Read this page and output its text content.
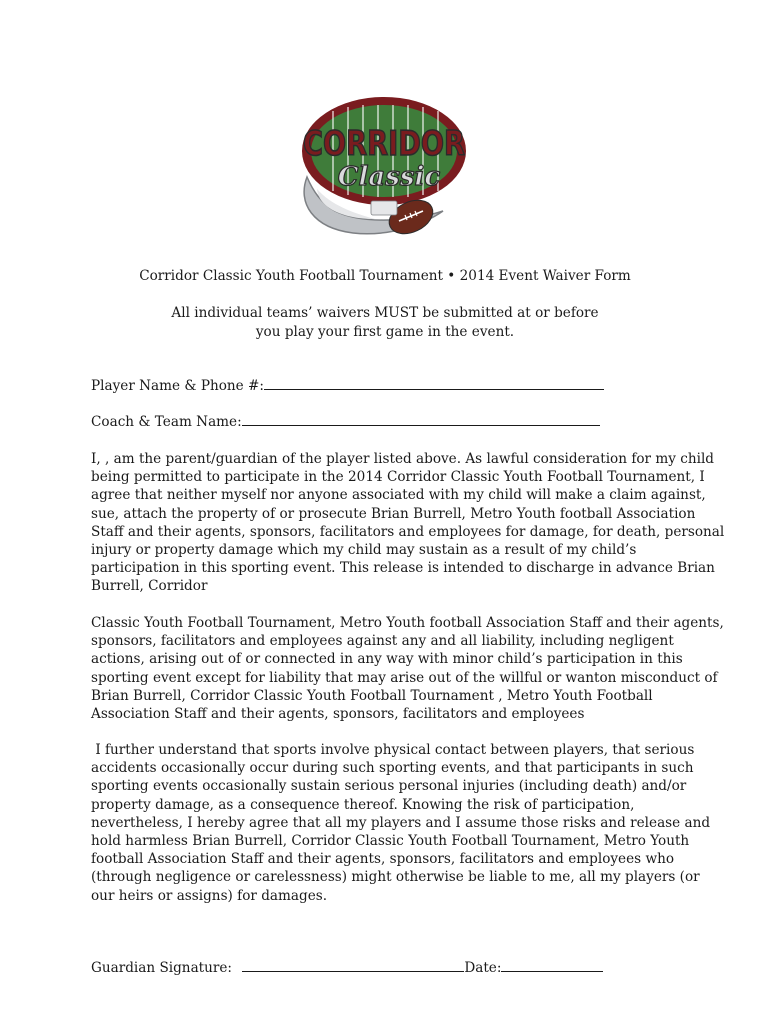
CORRIDOR
Classic
Corridor Classic Youth Football Tournament • 2014 Event Waiver Form
All individual teams’ waivers MUST be submitted at or before
you play your first game in the event.
Player Name & Phone #:
Coach & Team Name:
I, , am the parent/guardian of the player listed above. As lawful consideration for my child
being permitted to participate in the 2014 Corridor Classic Youth Football Tournament, I
agree that neither myself nor anyone associated with my child will make a claim against,
sue, attach the property of or prosecute Brian Burrell, Metro Youth football Association
Staff and their agents, sponsors, facilitators and employees for damage, for death, personal
injury or property damage which my child may sustain as a result of my child’s
participation in this sporting event. This release is intended to discharge in advance Brian
Burrell, Corridor
Classic Youth Football Tournament, Metro Youth football Association Staff and their agents,
sponsors, facilitators and employees against any and all liability, including negligent
actions, arising out of or connected in any way with minor child’s participation in this
sporting event except for liability that may arise out of the willful or wanton misconduct of
Brian Burrell, Corridor Classic Youth Football Tournament , Metro Youth Football
Association Staff and their agents, sponsors, facilitators and employees
I further understand that sports involve physical contact between players, that serious
accidents occasionally occur during such sporting events, and that participants in such
sporting events occasionally sustain serious personal injuries (including death) and/or
property damage, as a consequence thereof. Knowing the risk of participation,
nevertheless, I hereby agree that all my players and I assume those risks and release and
hold harmless Brian Burrell, Corridor Classic Youth Football Tournament, Metro Youth
football Association Staff and their agents, sponsors, facilitators and employees who
(through negligence or carelessness) might otherwise be liable to me, all my players (or
our heirs or assigns) for damages.
Guardian Signature:	Date:
